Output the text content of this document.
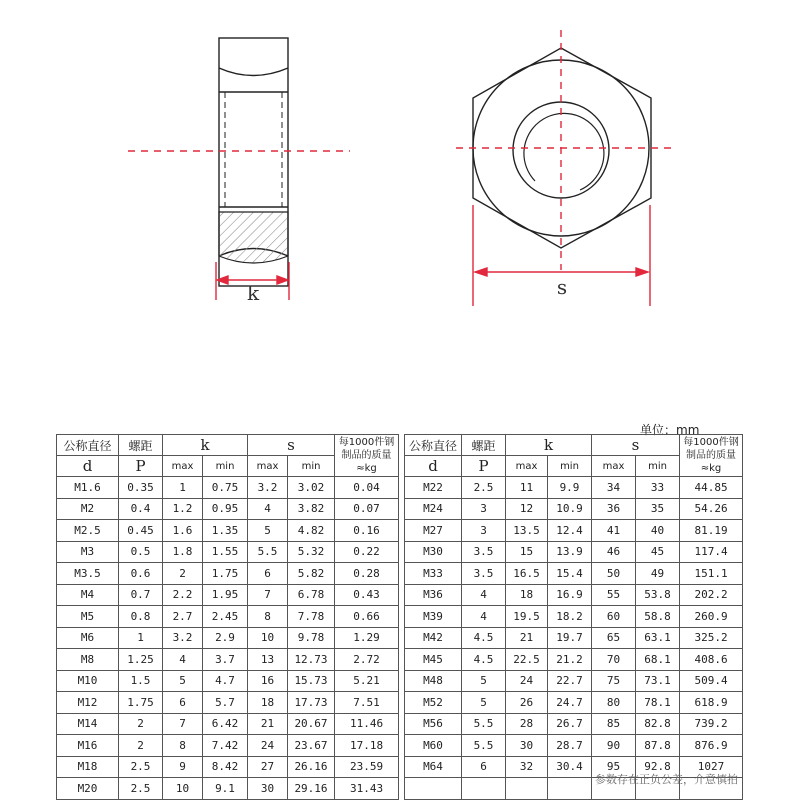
k	s
单位：mm
公称直径	螺距	k		s		每1000件钢
制品的质量
≈kg

d	P					
		max	min	max	min	
M1.6	0.35	1	0.75	3.2	3.02	0.04
M2	0.4	1.2	0.95	4	3.82	0.07
M2.5	0.45	1.6	1.35	5	4.82	0.16
M3	0.5	1.8	1.55	5.5	5.32	0.22
M3.5	0.6	2	1.75	6	5.82	0.28
M4	0.7	2.2	1.95	7	6.78	0.43
M5	0.8	2.7	2.45	8	7.78	0.66
M6	1	3.2	2.9	10	9.78	1.29
M8	1.25	4	3.7	13	12.73	2.72
M10	1.5	5	4.7	16	15.73	5.21
M12	1.75	6	5.7	18	17.73	7.51
M14	2	7	6.42	21	20.67	11.46
M16	2	8	7.42	24	23.67	17.18
M18	2.5	9	8.42	27	26.16	23.59
M20	2.5	10	9.1	30	29.16	31.43
公称直径	螺距	k		s		每1000件钢
制品的质量
≈kg

d	P					
		max	min	max	min	
M22	2.5	11	9.9	34	33	44.85
M24	3	12	10.9	36	35	54.26
M27	3	13.5	12.4	41	40	81.19
M30	3.5	15	13.9	46	45	117.4
M33	3.5	16.5	15.4	50	49	151.1
M36	4	18	16.9	55	53.8	202.2
M39	4	19.5	18.2	60	58.8	260.9
M42	4.5	21	19.7	65	63.1	325.2
M45	4.5	22.5	21.2	70	68.1	408.6
M48	5	24	22.7	75	73.1	509.4
M52	5	26	24.7	80	78.1	618.9
M56	5.5	28	26.7	85	82.8	739.2
M60	5.5	30	28.7	90	87.8	876.9
M64	6	32	30.4	95	92.8	1027

参数存在正负公差，介意慎拍
